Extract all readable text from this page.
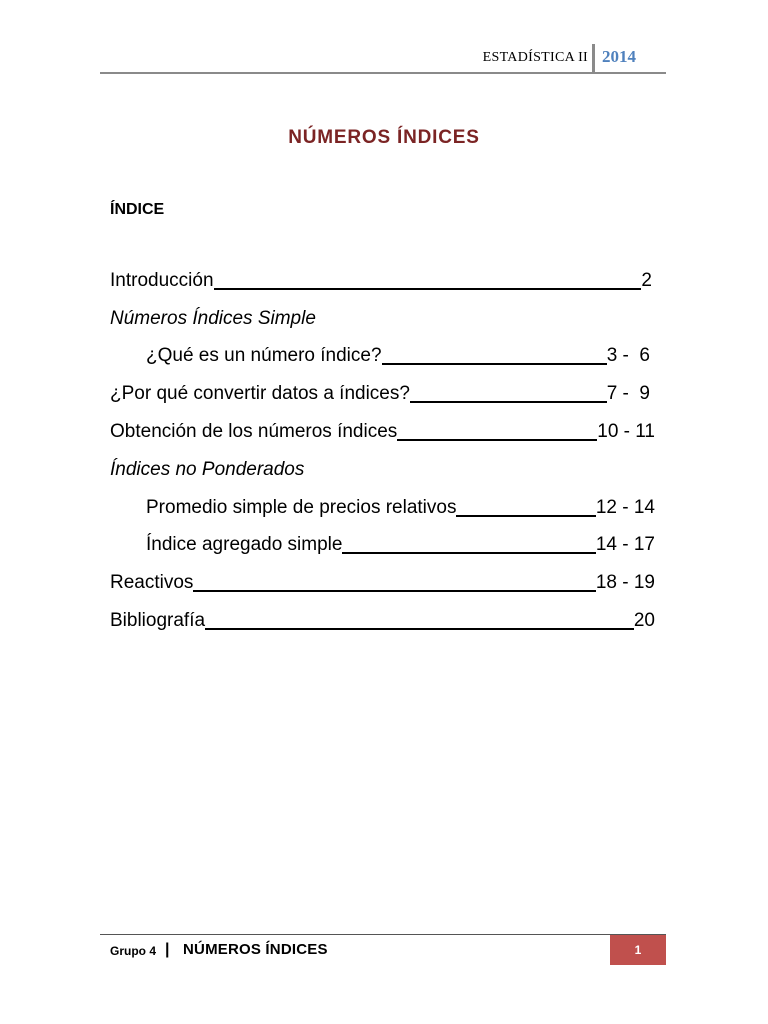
ESTADÍSTICA II 2014
NÚMEROS ÍNDICES
ÍNDICE
Introducción	2
Números Índices Simple
¿Qué es un número índice?	3 -  6
¿Por qué convertir datos a índices?	7 -  9
Obtención de los números índices	10 - 11
Índices no Ponderados
Promedio simple de precios relativos	12 - 14
Índice agregado simple	14 - 17
Reactivos	18 - 19
Bibliografía	20
Grupo 4 | NÚMEROS ÍNDICES	1
